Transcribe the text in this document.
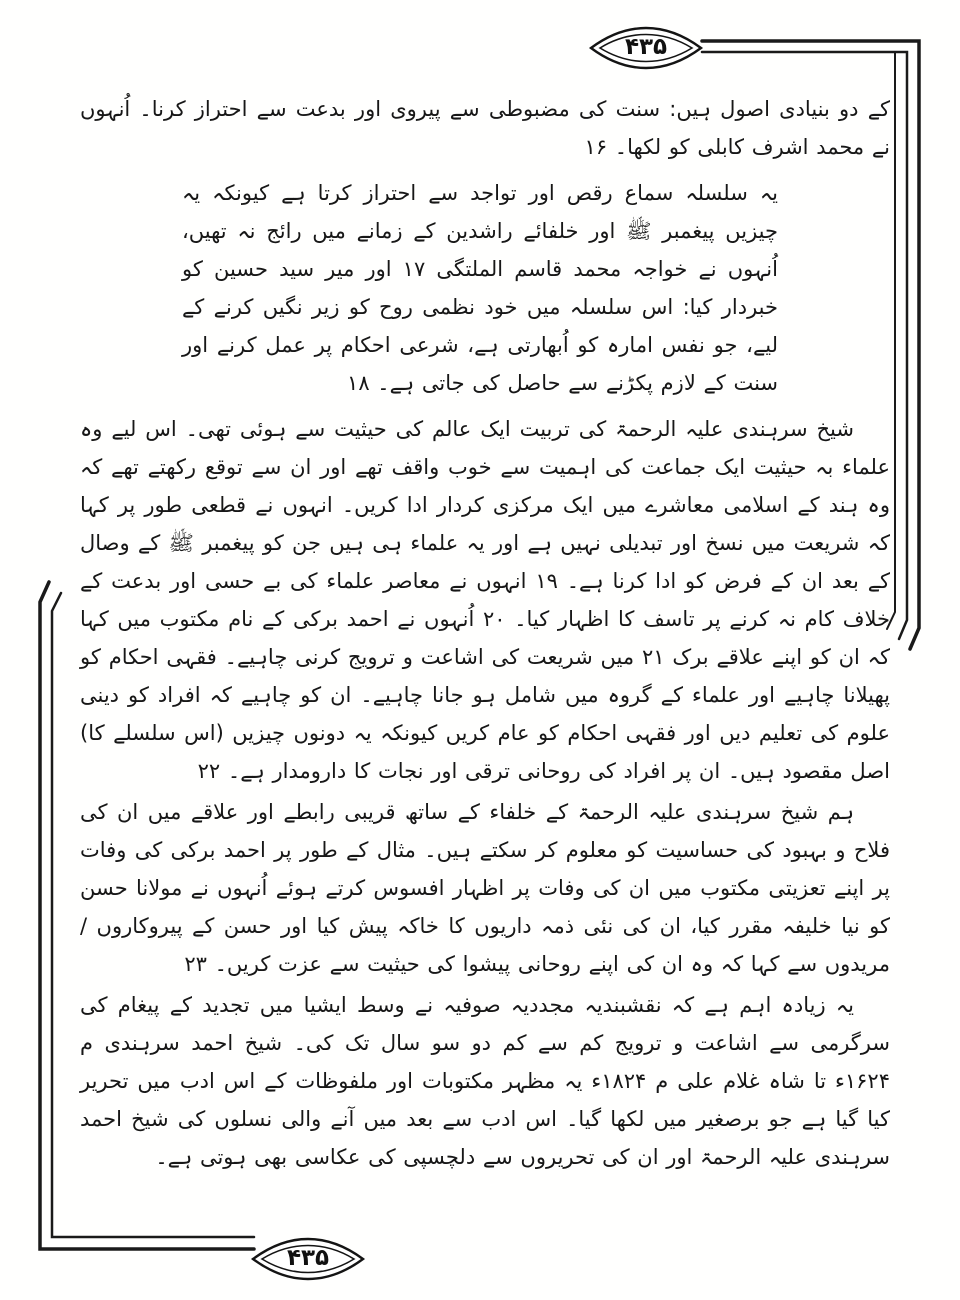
۴۳۵
۴۳۵

کے دو بنیادی اصول ہیں: سنت کی مضبوطی سے پیروی اور بدعت سے احتراز کرنا۔ اُنہوں نے محمد اشرف کابلی کو لکھا۔ ۱۶

یہ سلسلہ سماع رقص اور تواجد سے احتراز کرتا ہے کیونکہ یہ چیزیں پیغمبر ﷺ اور خلفائے راشدین کے زمانے میں رائج نہ تھیں، اُنہوں نے خواجہ محمد قاسم الملتگی ۱۷ اور میر سید حسین کو خبردار کیا: اس سلسلہ میں خود نظمی روح کو زیر نگیں کرنے کے لیے، جو نفس امارہ کو اُبھارتی ہے، شرعی احکام پر عمل کرنے اور سنت کے لازم پکڑنے سے حاصل کی جاتی ہے۔ ۱۸

شیخ سرہندی علیہ الرحمۃ کی تربیت ایک عالم کی حیثیت سے ہوئی تھی۔ اس لیے وہ علماء بہ حیثیت ایک جماعت کی اہمیت سے خوب واقف تھے اور ان سے توقع رکھتے تھے کہ وہ ہند کے اسلامی معاشرے میں ایک مرکزی کردار ادا کریں۔ انہوں نے قطعی طور پر کہا کہ شریعت میں نسخ اور تبدیلی نہیں ہے اور یہ علماء ہی ہیں جن کو پیغمبر ﷺ کے وصال کے بعد ان کے فرض کو ادا کرنا ہے۔ ۱۹ انہوں نے معاصر علماء کی بے حسی اور بدعت کے خلاف کام نہ کرنے پر تاسف کا اظہار کیا۔ ۲۰ اُنہوں نے احمد برکی کے نام مکتوب میں کہا کہ ان کو اپنے علاقے برک ۲۱ میں شریعت کی اشاعت و ترویج کرنی چاہیے۔ فقہی احکام کو پھیلانا چاہیے اور علماء کے گروہ میں شامل ہو جانا چاہیے۔ ان کو چاہیے کہ افراد کو دینی علوم کی تعلیم دیں اور فقہی احکام کو عام کریں کیونکہ یہ دونوں چیزیں (اس سلسلے کا) اصل مقصود ہیں۔ ان پر افراد کی روحانی ترقی اور نجات کا دارومدار ہے۔ ۲۲

ہم شیخ سرہندی علیہ الرحمۃ کے خلفاء کے ساتھ قریبی رابطے اور علاقے میں ان کی فلاح و بہبود کی حساسیت کو معلوم کر سکتے ہیں۔ مثال کے طور پر احمد برکی کی وفات پر اپنے تعزیتی مکتوب میں ان کی وفات پر اظہار افسوس کرتے ہوئے اُنہوں نے مولانا حسن کو نیا خلیفہ مقرر کیا، ان کی نئی ذمہ داریوں کا خاکہ پیش کیا اور حسن کے پیروکاروں / مریدوں سے کہا کہ وہ ان کی اپنے روحانی پیشوا کی حیثیت سے عزت کریں۔ ۲۳

یہ زیادہ اہم ہے کہ نقشبندیہ مجددیہ صوفیہ نے وسط ایشیا میں تجدید کے پیغام کی سرگرمی سے اشاعت و ترویج کم سے کم دو سو سال تک کی۔ شیخ احمد سرہندی م ۱۶۲۴ء تا شاہ غلام علی م ۱۸۲۴ء یہ مظہر مکتوبات اور ملفوظات کے اس ادب میں تحریر کیا گیا ہے جو برصغیر میں لکھا گیا۔ اس ادب سے بعد میں آنے والی نسلوں کی شیخ احمد سرہندی علیہ الرحمۃ اور ان کی تحریروں سے دلچسپی کی عکاسی بھی ہوتی ہے۔
